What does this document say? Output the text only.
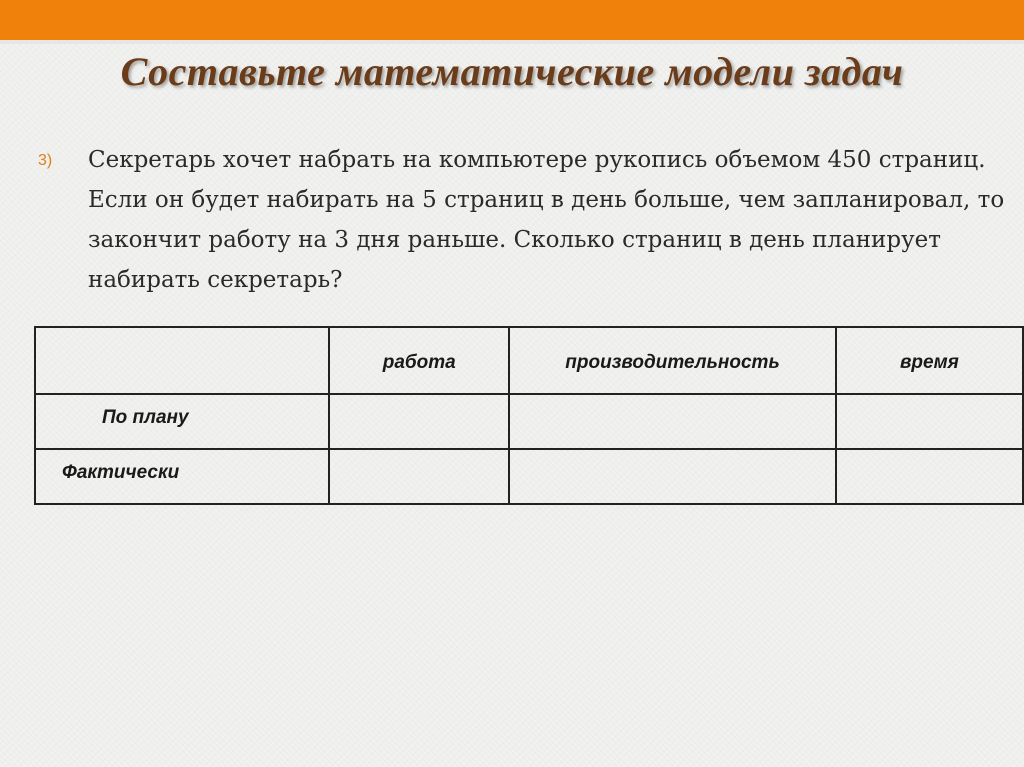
Составьте математические модели задач
3) Секретарь хочет набрать на компьютере рукопись объемом 450 страниц. Если он будет набирать на 5 страниц в день больше, чем запланировал, то закончит работу на 3 дня раньше. Сколько страниц в день планирует набирать секретарь?
	работа	производительность	время
По плану			
Фактически			
